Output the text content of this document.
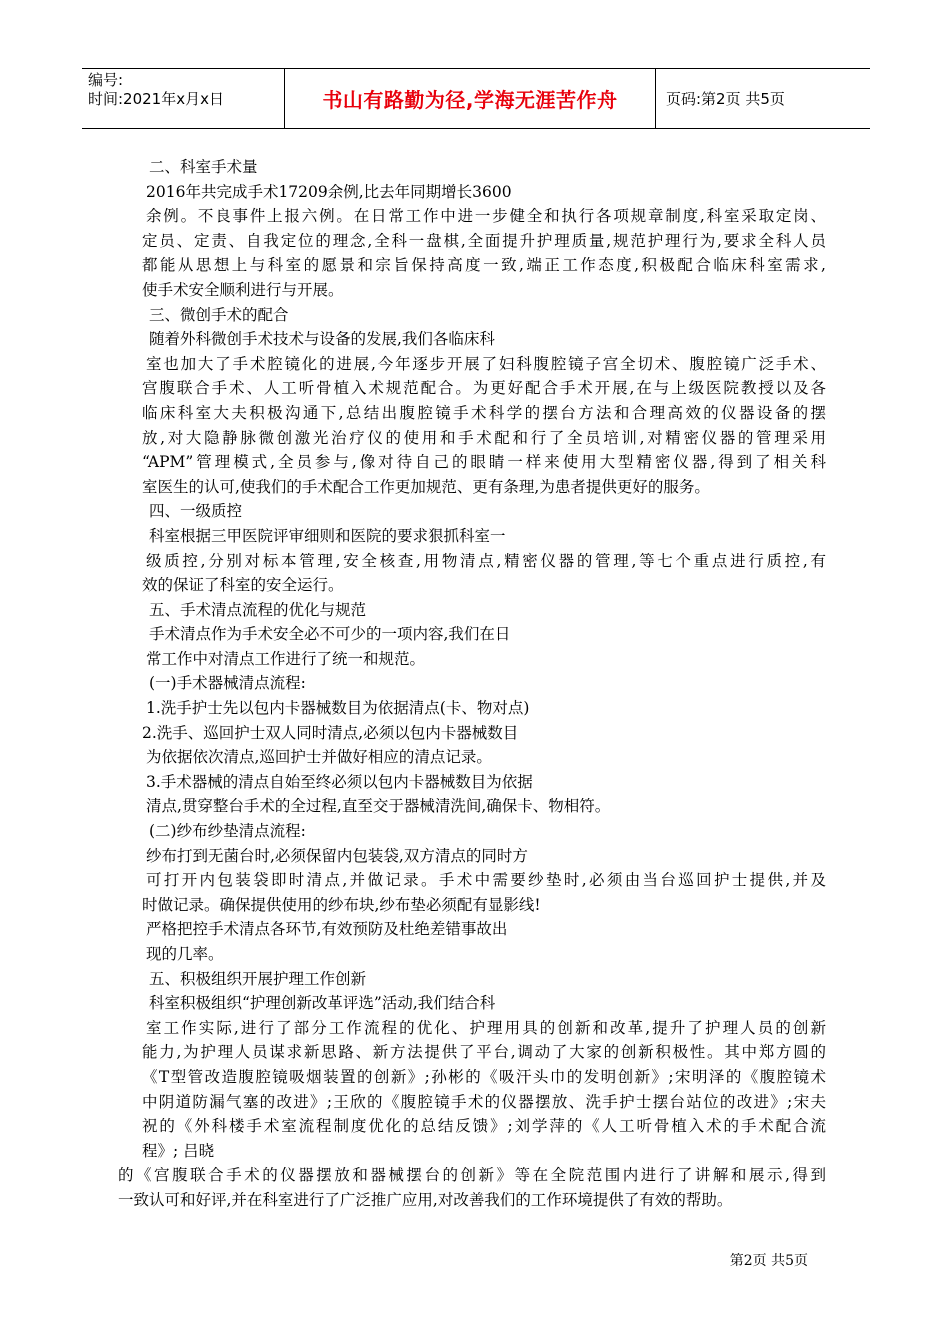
编号:
时间:2021年x月x日	书山有路勤为径,学海无涯苦作舟	页码:第2页 共5页
二、科室手术量
2016年共完成手术17209余例,比去年同期增长3600
余例。不良事件上报六例。在日常工作中进一步健全和执行各项规章制度,科室采取定岗、
定员、定责、自我定位的理念,全科一盘棋,全面提升护理质量,规范护理行为,要求全科人员
都能从思想上与科室的愿景和宗旨保持高度一致,端正工作态度,积极配合临床科室需求,
使手术安全顺利进行与开展。
三、微创手术的配合
随着外科微创手术技术与设备的发展,我们各临床科
室也加大了手术腔镜化的进展,今年逐步开展了妇科腹腔镜子宫全切术、腹腔镜广泛手术、
宫腹联合手术、人工听骨植入术规范配合。为更好配合手术开展,在与上级医院教授以及各
临床科室大夫积极沟通下,总结出腹腔镜手术科学的摆台方法和合理高效的仪器设备的摆
放,对大隐静脉微创激光治疗仪的使用和手术配和行了全员培训,对精密仪器的管理采用
“APM”管理模式,全员参与,像对待自己的眼睛一样来使用大型精密仪器,得到了相关科
室医生的认可,使我们的手术配合工作更加规范、更有条理,为患者提供更好的服务。
四、一级质控
科室根据三甲医院评审细则和医院的要求狠抓科室一
级质控,分别对标本管理,安全核查,用物清点,精密仪器的管理,等七个重点进行质控,有
效的保证了科室的安全运行。
五、手术清点流程的优化与规范
手术清点作为手术安全必不可少的一项内容,我们在日
常工作中对清点工作进行了统一和规范。
(一)手术器械清点流程:
1.洗手护士先以包内卡器械数目为依据清点(卡、物对点)
2.洗手、巡回护士双人同时清点,必须以包内卡器械数目
为依据依次清点,巡回护士并做好相应的清点记录。
3.手术器械的清点自始至终必须以包内卡器械数目为依据
清点,贯穿整台手术的全过程,直至交于器械清洗间,确保卡、物相符。
(二)纱布纱垫清点流程:
纱布打到无菌台时,必须保留内包装袋,双方清点的同时方
可打开内包装袋即时清点,并做记录。手术中需要纱垫时,必须由当台巡回护士提供,并及
时做记录。确保提供使用的纱布块,纱布垫必须配有显影线!
严格把控手术清点各环节,有效预防及杜绝差错事故出
现的几率。
五、积极组织开展护理工作创新
科室积极组织“护理创新改革评选”活动,我们结合科
室工作实际,进行了部分工作流程的优化、护理用具的创新和改革,提升了护理人员的创新
能力,为护理人员谋求新思路、新方法提供了平台,调动了大家的创新积极性。其中郑方圆的
《T型管改造腹腔镜吸烟装置的创新》;孙彬的《吸汗头巾的发明创新》;宋明泽的《腹腔镜术
中阴道防漏气塞的改进》;王欣的《腹腔镜手术的仪器摆放、洗手护士摆台站位的改进》;宋夫
祝的《外科楼手术室流程制度优化的总结反馈》;刘学萍的《人工听骨植入术的手术配合流
程》; 吕晓
的《宫腹联合手术的仪器摆放和器械摆台的创新》等在全院范围内进行了讲解和展示,得到
一致认可和好评,并在科室进行了广泛推广应用,对改善我们的工作环境提供了有效的帮助。
第2页 共5页
